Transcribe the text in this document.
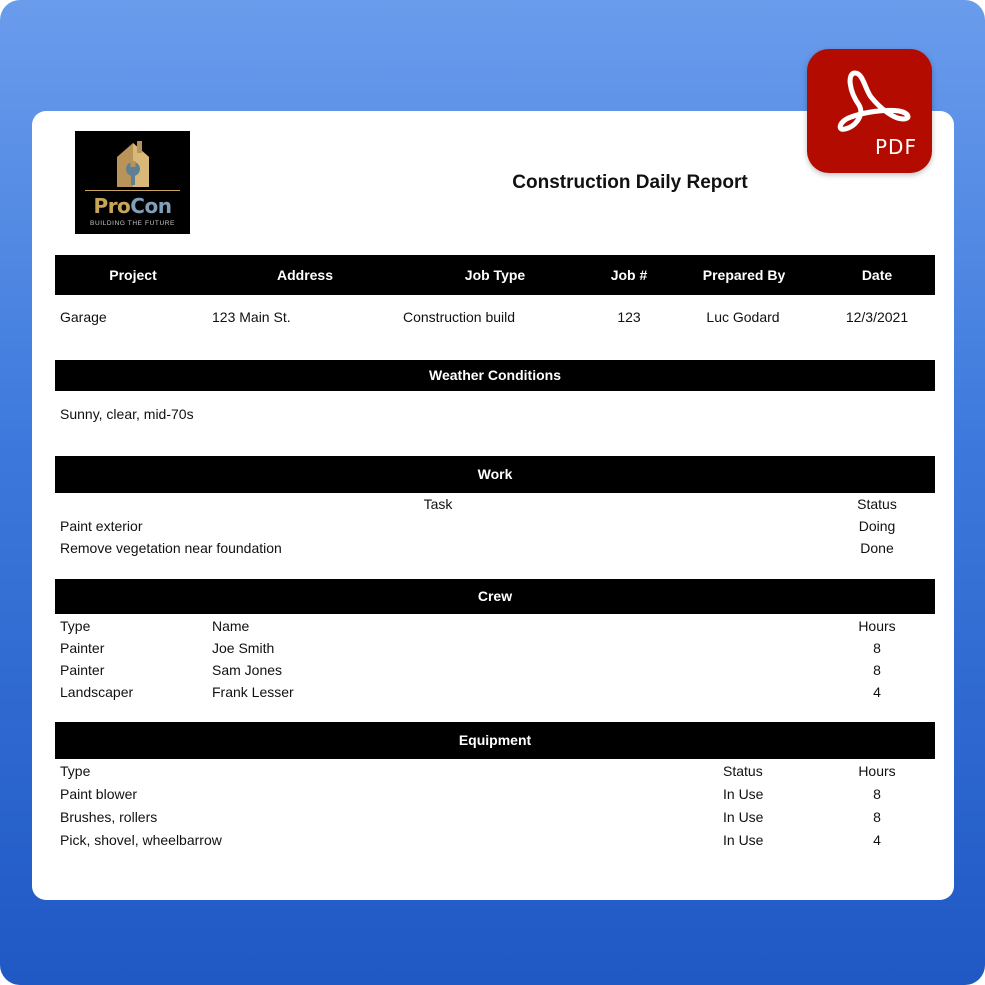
PDF
ProCon
BUILDING THE FUTURE
Construction Daily Report
Project	Address	Job Type	Job #	Prepared By	Date
Garage	123 Main St.	Construction build	123	Luc Godard	12/3/2021
Weather Conditions
Sunny, clear, mid-70s
Work
Task	Status
Paint exterior	Doing
Remove vegetation near foundation	Done
Crew
Type	Name	Hours
Painter	Joe Smith	8
Painter	Sam Jones	8
Landscaper	Frank Lesser	4
Equipment
Type	Status	Hours
Paint blower	In Use	8
Brushes, rollers	In Use	8
Pick, shovel, wheelbarrow	In Use	4
